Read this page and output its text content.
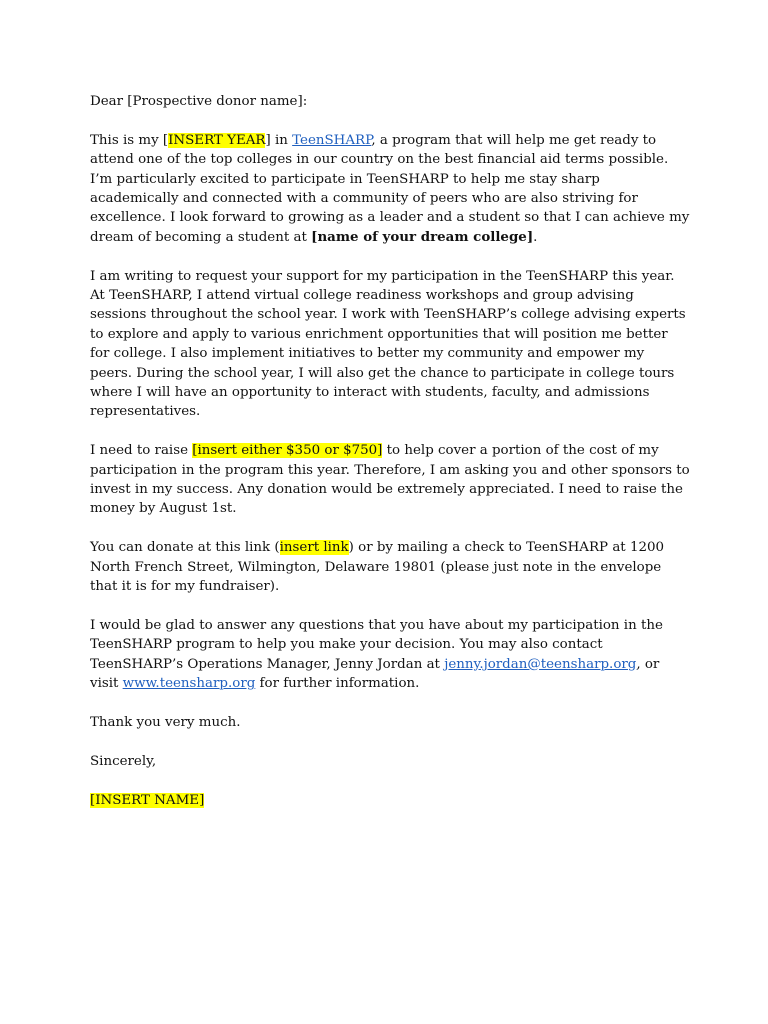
Dear [Prospective donor name]:

This is my [INSERT YEAR] in TeenSHARP, a program that will help me get ready to attend one of the top colleges in our country on the best financial aid terms possible. I’m particularly excited to participate in TeenSHARP to help me stay sharp academically and connected with a community of peers who are also striving for excellence. I look forward to growing as a leader and a student so that I can achieve my dream of becoming a student at [name of your dream college].

I am writing to request your support for my participation in the TeenSHARP this year. At TeenSHARP, I attend virtual college readiness workshops and group advising sessions throughout the school year. I work with TeenSHARP’s college advising experts to explore and apply to various enrichment opportunities that will position me better for college. I also implement initiatives to better my community and empower my peers. During the school year, I will also get the chance to participate in college tours where I will have an opportunity to interact with students, faculty, and admissions representatives.

I need to raise [insert either $350 or $750] to help cover a portion of the cost of my participation in the program this year. Therefore, I am asking you and other sponsors to invest in my success. Any donation would be extremely appreciated. I need to raise the money by August 1st.

You can donate at this link (insert link) or by mailing a check to TeenSHARP at 1200 North French Street, Wilmington, Delaware 19801 (please just note in the envelope that it is for my fundraiser).

I would be glad to answer any questions that you have about my participation in the TeenSHARP program to help you make your decision. You may also contact TeenSHARP’s Operations Manager, Jenny Jordan at jenny.jordan@teensharp.org, or visit www.teensharp.org for further information.

Thank you very much.

Sincerely,

[INSERT NAME]
